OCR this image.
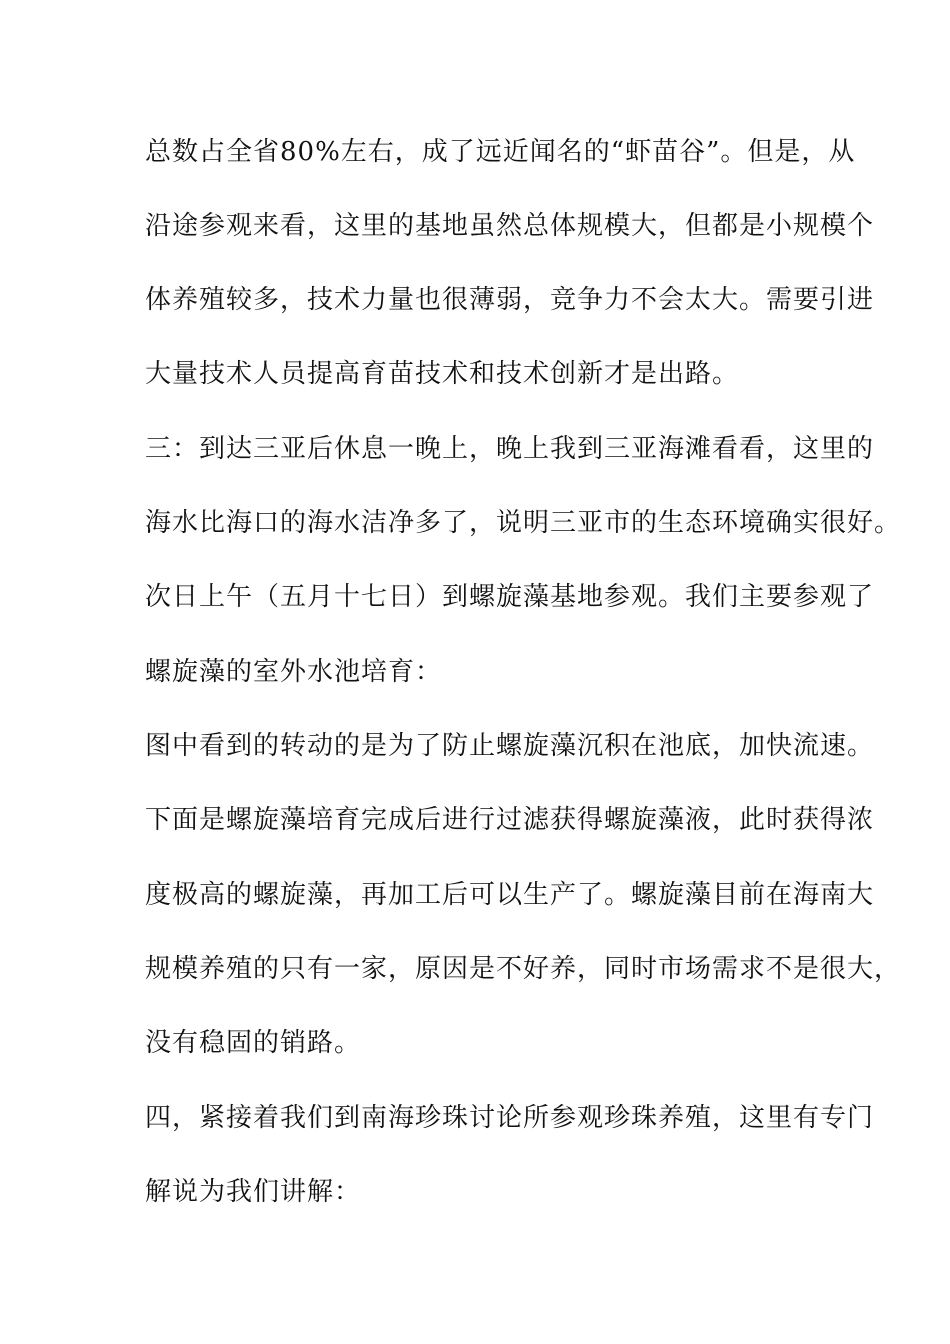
总数占全省80%左右，成了远近闻名的“虾苗谷”。但是，从
沿途参观来看，这里的基地虽然总体规模大，但都是小规模个
体养殖较多，技术力量也很薄弱，竞争力不会太大。需要引进
大量技术人员提高育苗技术和技术创新才是出路。
三：到达三亚后休息一晚上，晚上我到三亚海滩看看，这里的
海水比海口的海水洁净多了，说明三亚市的生态环境确实很好。
次日上午（五月十七日）到螺旋藻基地参观。我们主要参观了
螺旋藻的室外水池培育：
图中看到的转动的是为了防止螺旋藻沉积在池底，加快流速。
下面是螺旋藻培育完成后进行过滤获得螺旋藻液，此时获得浓
度极高的螺旋藻，再加工后可以生产了。螺旋藻目前在海南大
规模养殖的只有一家，原因是不好养，同时市场需求不是很大，
没有稳固的销路。
四，紧接着我们到南海珍珠讨论所参观珍珠养殖，这里有专门
解说为我们讲解：
